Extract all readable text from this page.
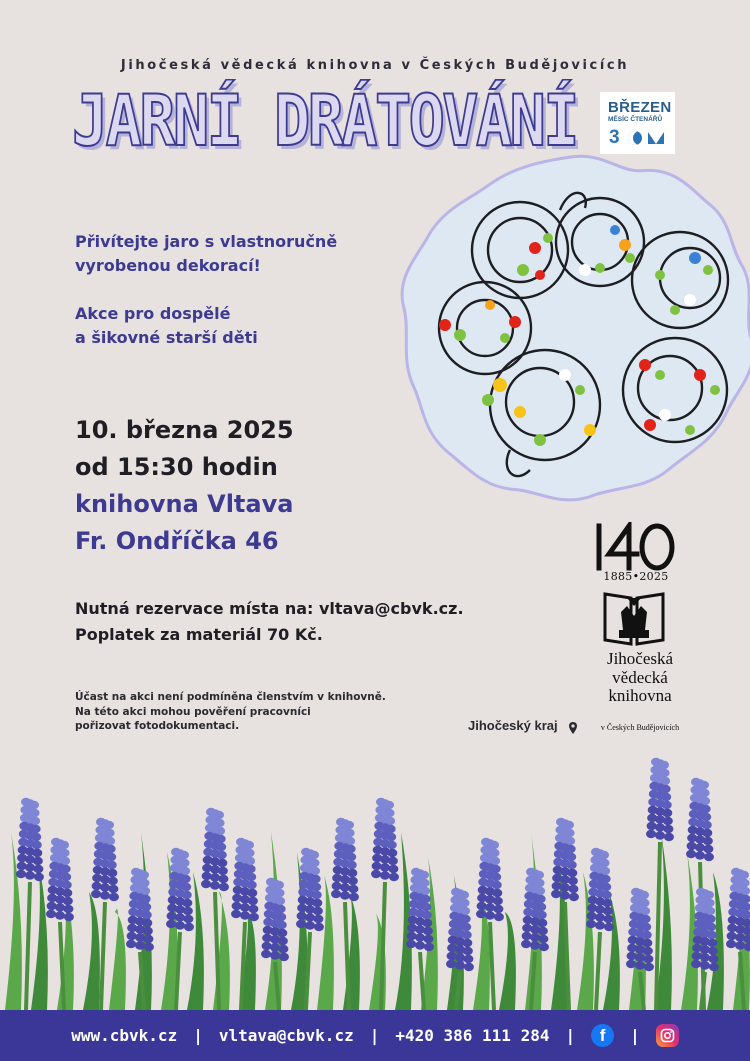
Jihočeská vědecká knihovna v Českých Budějovicích
JARNÍ DRÁTOVÁNÍ BŘEZEN
MĚSÍC ČTENÁŘŮ
3

Přivítejte jaro s vlastnoručně
vyrobenou dekorací!

Akce pro dospělé
a šikovné starší děti

10. března 2025
od 15:30 hodin
knihovna Vltava
Fr. Ondříčka 46
Nutná rezervace místa na: vltava@cbvk.cz.
Poplatek za materiál 70 Kč.
Účast na akci není podmíněna členstvím v knihovně.
Na této akci mohou pověření pracovníci
pořizovat fotodokumentaci.	Jihočeský kraj
1885•2025
Jihočeská
vědecká
knihovna
v Českých Budějovicích
www.cbvk.cz | vltava@cbvk.cz | +420 386 111 284 |	f	|
